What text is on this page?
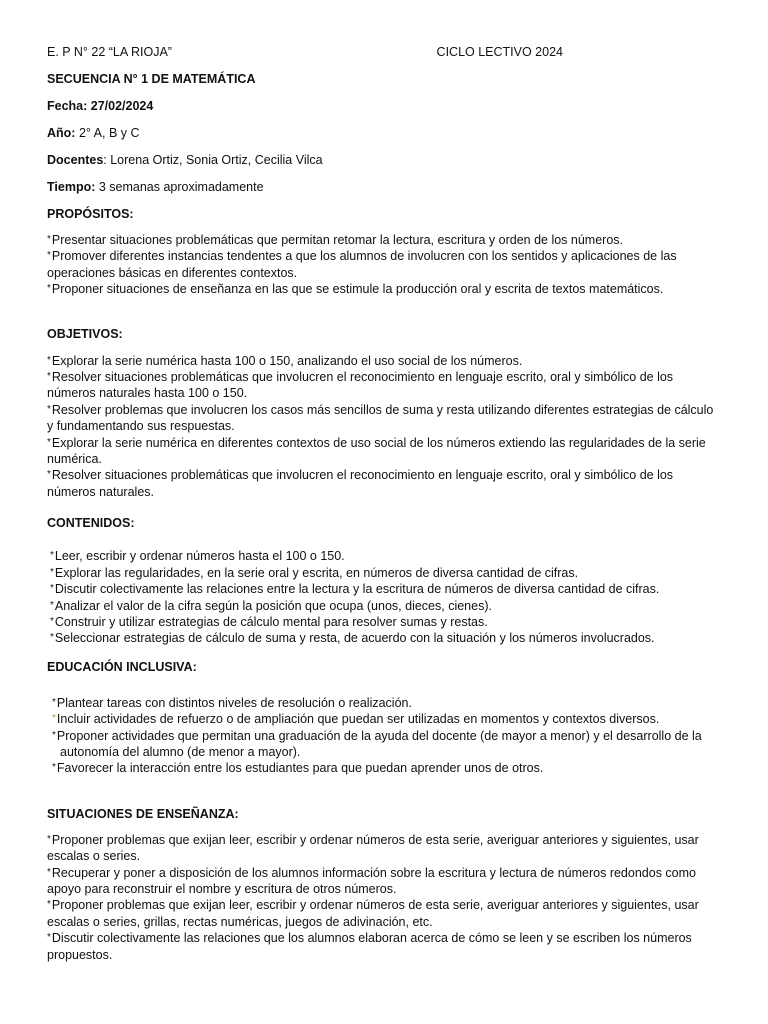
E. P N° 22 “LA RIOJA”	CICLO LECTIVO 2024

SECUENCIA N° 1 DE MATEMÁTICA

Fecha: 27/02/2024

Año: 2° A, B y C

Docentes: Lorena Ortiz, Sonia Ortiz, Cecilia Vilca

Tiempo: 3 semanas aproximadamente

PROPÓSITOS:

*Presentar situaciones problemáticas que permitan retomar la lectura, escritura y orden de los números.
*Promover diferentes instancias tendentes a que los alumnos de involucren con los sentidos y aplicaciones de las operaciones básicas en diferentes contextos.
*Proponer situaciones de enseñanza en las que se estimule la producción oral y escrita de textos matemáticos.

OBJETIVOS:

*Explorar la serie numérica hasta 100 o 150, analizando el uso social de los números.
*Resolver situaciones problemáticas que involucren el reconocimiento en lenguaje escrito, oral y simbólico de los números naturales hasta 100 o 150.
*Resolver problemas que involucren los casos más sencillos de suma y resta utilizando diferentes estrategias de cálculo y fundamentando sus respuestas.
*Explorar la serie numérica en diferentes contextos de uso social de los números extiendo las regularidades de la serie numérica.
*Resolver situaciones problemáticas que involucren el reconocimiento en lenguaje escrito, oral y simbólico de los números naturales.

CONTENIDOS:

*Leer, escribir y ordenar números hasta el 100 o 150.
*Explorar las regularidades, en la serie oral y escrita, en números de diversa cantidad de cifras.
*Discutir colectivamente las relaciones entre la lectura y la escritura de números de diversa cantidad de cifras.
*Analizar el valor de la cifra según la posición que ocupa (unos, dieces, cienes).
*Construir y utilizar estrategias de cálculo mental para resolver sumas y restas.
*Seleccionar estrategias de cálculo de suma y resta, de acuerdo con la situación y los números involucrados.

EDUCACIÓN INCLUSIVA:

*Plantear tareas con distintos niveles de resolución o realización.
*Incluir actividades de refuerzo o de ampliación que puedan ser utilizadas en momentos y contextos diversos.
*Proponer actividades que permitan una graduación de la ayuda del docente (de mayor a menor) y el desarrollo de la autonomía del alumno (de menor a mayor).
*Favorecer la interacción entre los estudiantes para que puedan aprender unos de otros.

SITUACIONES DE ENSEÑANZA:

*Proponer problemas que exijan leer, escribir y ordenar números de esta serie, averiguar anteriores y siguientes, usar escalas o series.
*Recuperar y poner a disposición de los alumnos información sobre la escritura y lectura de números redondos como apoyo para reconstruir el nombre y escritura de otros números.
*Proponer problemas que exijan leer, escribir y ordenar números de esta serie, averiguar anteriores y siguientes, usar escalas o series, grillas, rectas numéricas, juegos de adivinación, etc.
*Discutir colectivamente las relaciones que los alumnos elaboran acerca de cómo se leen y se escriben los números propuestos.
